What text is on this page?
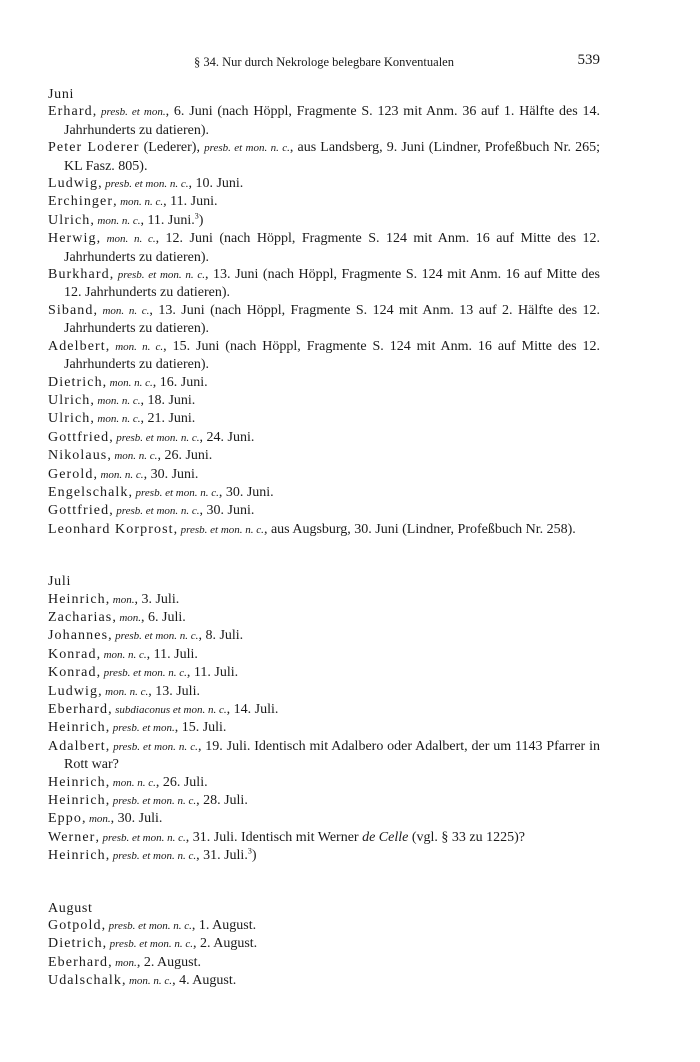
§ 34. Nur durch Nekrologe belegbare Konventualen	539
Juni
Erhard, presb. et mon., 6. Juni (nach Höppl, Fragmente S. 123 mit Anm. 36 auf 1. Hälfte des 14. Jahrhunderts zu datieren).
Peter Loderer (Lederer), presb. et mon. n. c., aus Landsberg, 9. Juni (Lindner, Profeßbuch Nr. 265; KL Fasz. 805).
Ludwig, presb. et mon. n. c., 10. Juni.
Erchinger, mon. n. c., 11. Juni.
Ulrich, mon. n. c., 11. Juni.$^3$)
Herwig, mon. n. c., 12. Juni (nach Höppl, Fragmente S. 124 mit Anm. 16 auf Mitte des 12. Jahrhunderts zu datieren).
Burkhard, presb. et mon. n. c., 13. Juni (nach Höppl, Fragmente S. 124 mit Anm. 16 auf Mitte des 12. Jahrhunderts zu datieren).
Siband, mon. n. c., 13. Juni (nach Höppl, Fragmente S. 124 mit Anm. 13 auf 2. Hälfte des 12. Jahrhunderts zu datieren).
Adelbert, mon. n. c., 15. Juni (nach Höppl, Fragmente S. 124 mit Anm. 16 auf Mitte des 12. Jahrhunderts zu datieren).
Dietrich, mon. n. c., 16. Juni.
Ulrich, mon. n. c., 18. Juni.
Ulrich, mon. n. c., 21. Juni.
Gottfried, presb. et mon. n. c., 24. Juni.
Nikolaus, mon. n. c., 26. Juni.
Gerold, mon. n. c., 30. Juni.
Engelschalk, presb. et mon. n. c., 30. Juni.
Gottfried, presb. et mon. n. c., 30. Juni.
Leonhard Korprost, presb. et mon. n. c., aus Augsburg, 30. Juni (Lindner, Profeßbuch Nr. 258).
Juli
Heinrich, mon., 3. Juli.
Zacharias, mon., 6. Juli.
Johannes, presb. et mon. n. c., 8. Juli.
Konrad, mon. n. c., 11. Juli.
Konrad, presb. et mon. n. c., 11. Juli.
Ludwig, mon. n. c., 13. Juli.
Eberhard, subdiaconus et mon. n. c., 14. Juli.
Heinrich, presb. et mon., 15. Juli.
Adalbert, presb. et mon. n. c., 19. Juli. Identisch mit Adalbero oder Adalbert, der um 1143 Pfarrer in Rott war?
Heinrich, mon. n. c., 26. Juli.
Heinrich, presb. et mon. n. c., 28. Juli.
Eppo, mon., 30. Juli.
Werner, presb. et mon. n. c., 31. Juli. Identisch mit Werner de Celle (vgl. § 33 zu 1225)?
Heinrich, presb. et mon. n. c., 31. Juli.$^3$)
August
Gotpold, presb. et mon. n. c., 1. August.
Dietrich, presb. et mon. n. c., 2. August.
Eberhard, mon., 2. August.
Udalschalk, mon. n. c., 4. August.
